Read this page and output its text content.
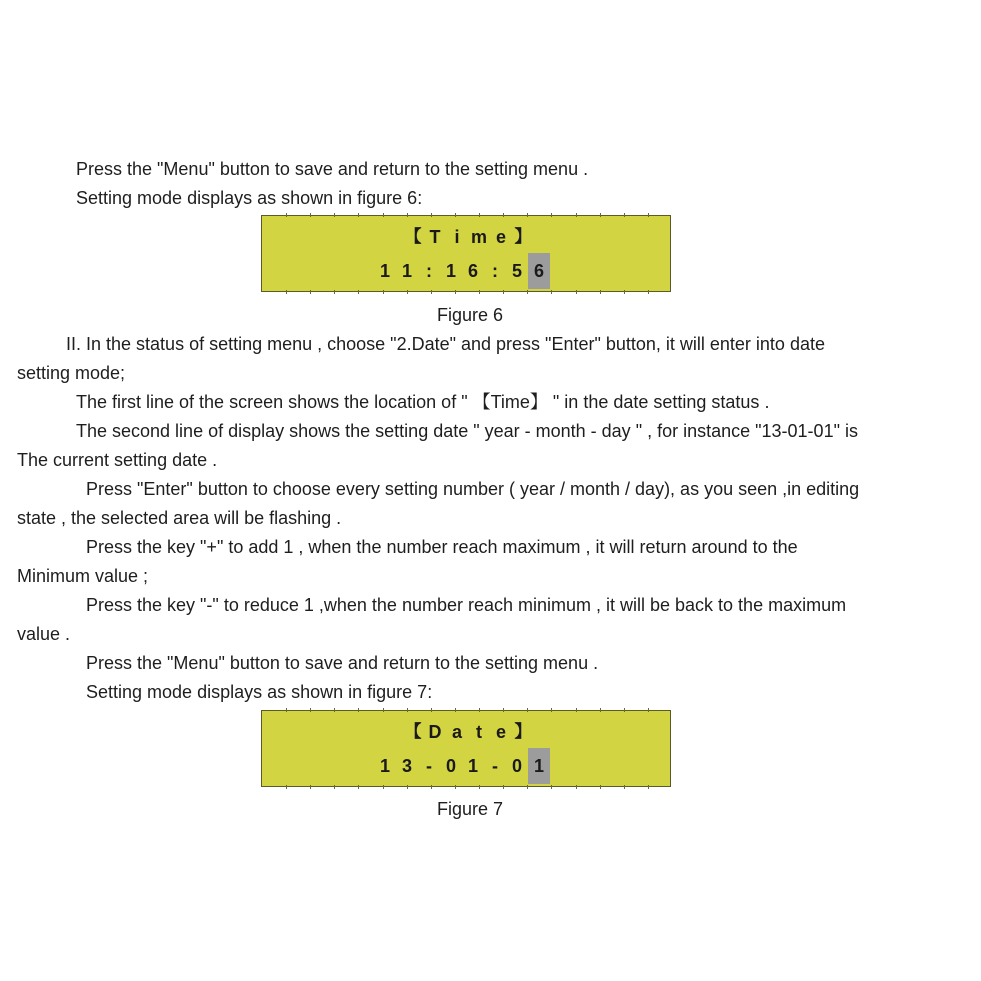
Press the "Menu" button to save and return to the setting menu .
Setting mode displays as shown in figure 6:
【 T i m e 】
1 1 : 1 6 : 5 6
Figure 6
II. In the status of setting menu , choose "2.Date" and press "Enter" button, it will enter into date
setting mode;
The first line of the screen shows the location of " 【Time】 " in the date setting status .
The second line of display shows the setting date " year - month - day " , for instance "13-01-01" is
The current setting date .
Press "Enter" button to choose every setting number ( year / month / day), as you seen ,in editing
state , the selected area will be flashing .
Press the key "+" to add 1 , when the number reach maximum , it will return around to the
Minimum value ;
Press the key "-" to reduce 1 ,when the number reach minimum , it will be back to the maximum
value .
Press the "Menu" button to save and return to the setting menu .
Setting mode displays as shown in figure 7:
【 D a t e 】
1 3 - 0 1 - 0 1
Figure 7
